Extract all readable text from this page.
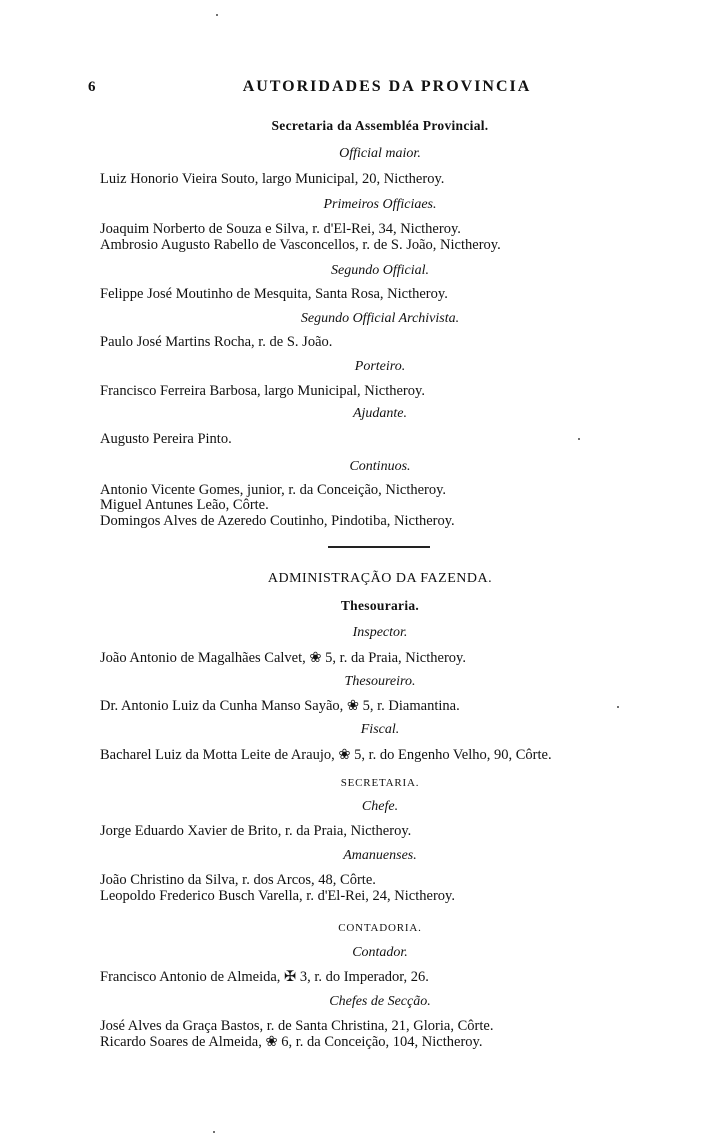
6	AUTORIDADES DA PROVINCIA
Secretaria da Assembléa Provincial.
Official maior.
Luiz Honorio Vieira Souto, largo Municipal, 20, Nictheroy.
Primeiros Officiaes.
Joaquim Norberto de Souza e Silva, r. d'El-Rei, 34, Nictheroy.
Ambrosio Augusto Rabello de Vasconcellos, r. de S. João, Nictheroy.
Segundo Official.
Felippe José Moutinho de Mesquita, Santa Rosa, Nictheroy.
Segundo Official Archivista.
Paulo José Martins Rocha, r. de S. João.
Porteiro.
Francisco Ferreira Barbosa, largo Municipal, Nictheroy.
Ajudante.
Augusto Pereira Pinto.
Continuos.
Antonio Vicente Gomes, junior, r. da Conceição, Nictheroy.
Miguel Antunes Leão, Côrte.
Domingos Alves de Azeredo Coutinho, Pindotiba, Nictheroy.
ADMINISTRAÇÃO DA FAZENDA.
Thesouraria.
Inspector.
João Antonio de Magalhães Calvet, ❀ 5, r. da Praia, Nictheroy.
Thesoureiro.
Dr. Antonio Luiz da Cunha Manso Sayão, ❀ 5, r. Diamantina.
Fiscal.
Bacharel Luiz da Motta Leite de Araujo, ❀ 5, r. do Engenho Velho, 90, Côrte.
SECRETARIA.
Chefe.
Jorge Eduardo Xavier de Brito, r. da Praia, Nictheroy.
Amanuenses.
João Christino da Silva, r. dos Arcos, 48, Côrte.
Leopoldo Frederico Busch Varella, r. d'El-Rei, 24, Nictheroy.
CONTADORIA.
Contador.
Francisco Antonio de Almeida, ✠ 3, r. do Imperador, 26.
Chefes de Secção.
José Alves da Graça Bastos, r. de Santa Christina, 21, Gloria, Côrte.
Ricardo Soares de Almeida, ❀ 6, r. da Conceição, 104, Nictheroy.
